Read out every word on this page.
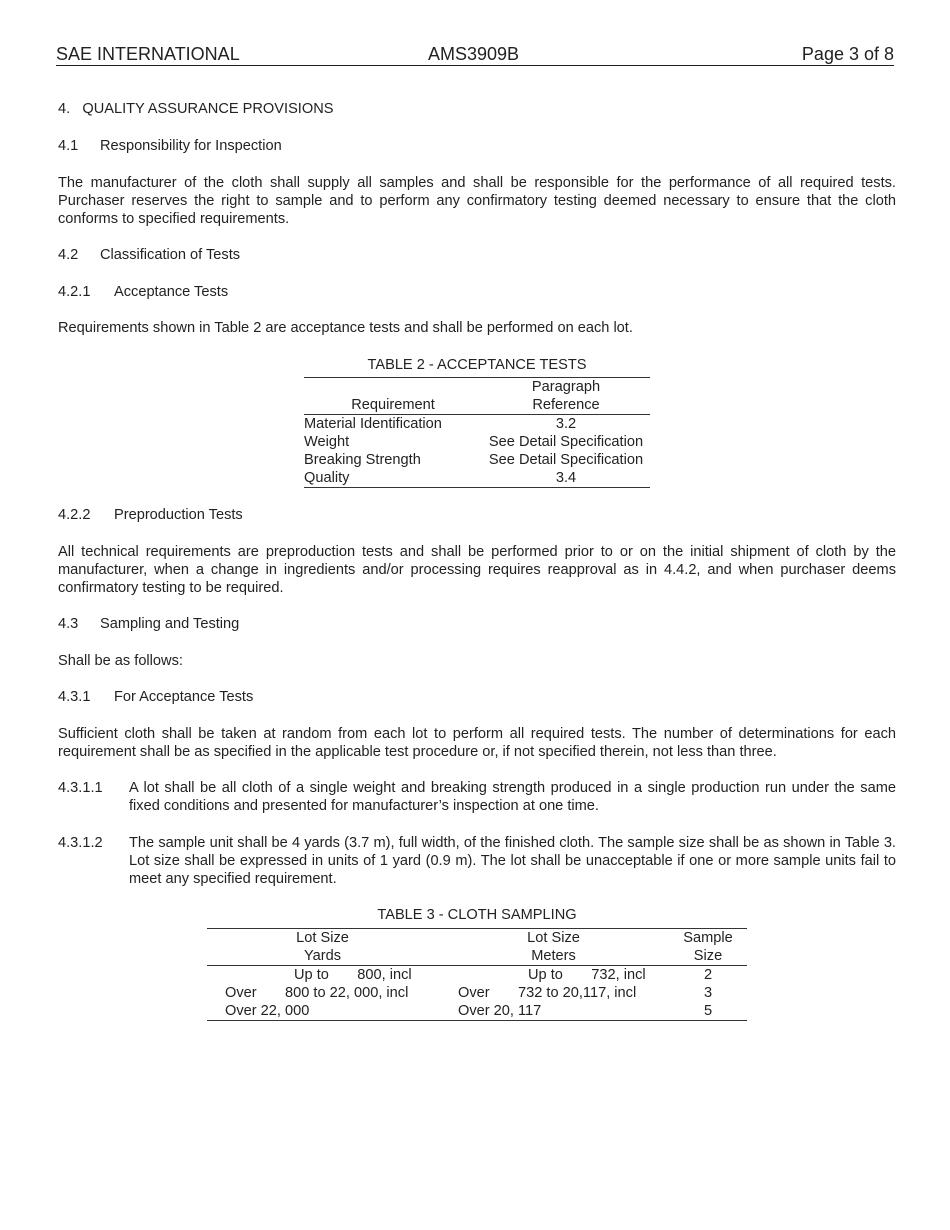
SAE INTERNATIONAL	AMS3909B	Page 3 of 8
4. QUALITY ASSURANCE PROVISIONS
4.1 Responsibility for Inspection
The manufacturer of the cloth shall supply all samples and shall be responsible for the performance of all required tests. Purchaser reserves the right to sample and to perform any confirmatory testing deemed necessary to ensure that the cloth conforms to specified requirements.
4.2 Classification of Tests
4.2.1 Acceptance Tests
Requirements shown in Table 2 are acceptance tests and shall be performed on each lot.
4.2.2 Preproduction Tests
All technical requirements are preproduction tests and shall be performed prior to or on the initial shipment of cloth by the manufacturer, when a change in ingredients and/or processing requires reapproval as in 4.4.2, and when purchaser deems confirmatory testing to be required.
4.3 Sampling and Testing
Shall be as follows:
4.3.1 For Acceptance Tests
Sufficient cloth shall be taken at random from each lot to perform all required tests. The number of determinations for each requirement shall be as specified in the applicable test procedure or, if not specified therein, not less than three.
4.3.1.1 A lot shall be all cloth of a single weight and breaking strength produced in a single production run under the same fixed conditions and presented for manufacturer’s inspection at one time.
4.3.1.2 The sample unit shall be 4 yards (3.7 m), full width, of the finished cloth. The sample size shall be as shown in Table 3. Lot size shall be expressed in units of 1 yard (0.9 m). The lot shall be unacceptable if one or more sample units fail to meet any specified requirement.
TABLE 2 - ACCEPTANCE TESTS
	Paragraph
Requirement	Reference
Material Identification	3.2
Weight	See Detail Specification
Breaking Strength	See Detail Specification
Quality	3.4
TABLE 3 - CLOTH SAMPLING
Lot Size	Lot Size	Sample
Yards	Meters	Size
Up to       800, incl	Up to       732, incl	2
Over       800 to 22, 000, incl	Over       732 to 20,117, incl	3
Over 22, 000	Over 20, 117	5
